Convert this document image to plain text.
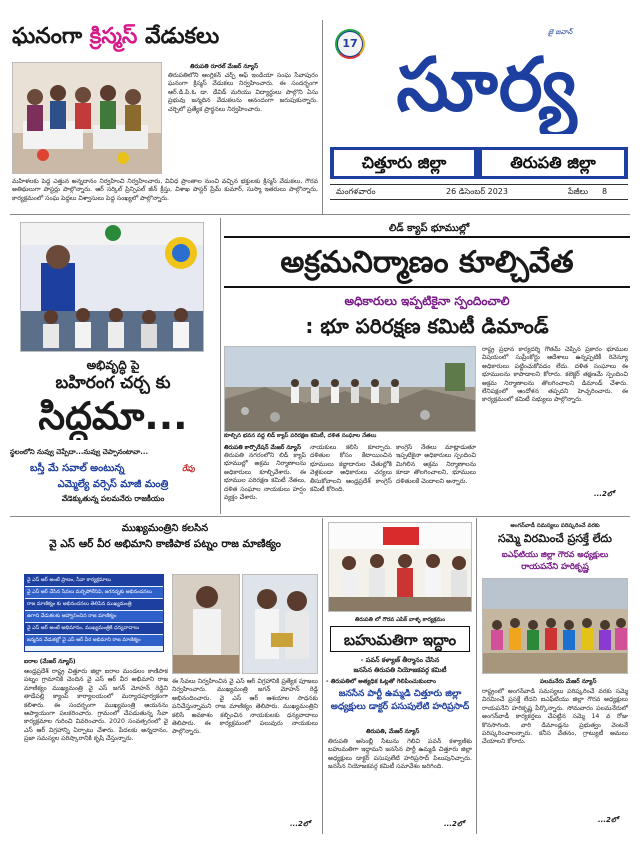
ఘనంగా క్రిస్మస్ వేడుకలు
తిరుపతి రూరల్ మేజర్ న్యూస్
తిరుపతిలోని ఆంగ్లికన్ చర్చ్ ఆఫ్ ఇండియా సంఘ సేవాపురం ఘనంగా క్రిస్మస్ వేడుకలు నిర్వహించారు. ఈ సందర్భంగా ఆర్.డి.పి.ఓ డా. డేవిడ్ మరియు విద్యార్థులు పాల్గొని ఏసు ప్రభువు జన్మదిన వేడుకలను ఆనందంగా జరుపుకున్నారు. చర్చిలో ప్రత్యేక ప్రార్థనలు నిర్వహించారు.
మహిళలకు పెద్ద ఎత్తున అన్నదానం నిర్వహించి నిర్వహించారు, వివిధ ప్రాంతాల నుంచి వచ్చిన భక్తులకు క్రిస్మస్ వేడుకలు, గౌరవ అతిథులుగా పాస్టర్లు పాల్గొన్నారు. ఆర్ సర్కిల్ ప్రిన్సిపల్ జీన్ క్రీస్తు, విశాఖ పాస్టర్ ప్రేమ్ కుమార్, సుస్మా ఇతరులు పాల్గొన్నారు, కార్యక్రమంలో సంఘ పెద్దలు విశ్వాసులు పెద్ద సంఖ్యలో పాల్గొన్నారు.
17
జై జవాన్
సూర్య
చిత్తూరు జిల్లా	తిరుపతి జిల్లా
మంగళవారం	26 డిసెంబర్ 2023	పేజీలు 8
అభివృద్ధి పై
బహిరంగ చర్చ కు
సిద్ధమా...
స్థలంలోని నువ్వు చెప్పేదా...నువ్వు చెప్పానంటావా...
బస్తీ మే సవాల్ అంటున్న	రేపు
ఎమ్మెల్యే వర్సెస్ మాజీ మంత్రి
వేడెక్కుతున్న పలమనేరు రాజకీయం
లిడ్ క్యాప్ భూముల్లో
అక్రమనిర్మాణం కూల్చివేత
అధికారులు ఇప్పటికైనా స్పందించాలి
: భూ పరిరక్షణ కమిటీ డిమాండ్
కూల్చిన భవన వద్ద లిడ్ క్యాప్ పరిరక్షణ కమిటీ, దళిత సంఘాల నేతలు
రాష్ట్ర ప్రధాన కార్యదర్శి గౌతమ్ చెప్పిన ప్రకారం భూముల విషయంలో సుప్రీంకోర్టు ఆదేశాలు ఉన్నప్పటికీ రెవెన్యూ అధికారులు పట్టించుకోవడం లేదు. దళిత సంఘాలు ఈ భూములను కాపాడాలని కోరారు. కలెక్టర్ తక్షణమే స్పందించి అక్రమ నిర్మాణాలను తొలగించాలని డిమాండ్ చేశారు. లేనిపక్షంలో ఆందోళన తప్పదని హెచ్చరించారు. ఈ కార్యక్రమంలో కమిటీ సభ్యులు పాల్గొన్నారు.
తిరుపతి కార్పొరేషన్ మేజర్ న్యూస్
తిరుపతి నగరంలోని లిడ్ క్యాప్ భూముల్లో అక్రమ నిర్మాణాలను అధికారులు కూల్చివేశారు. ఈ భూముల పరిరక్షణ కమిటీ నేతలు, దళిత సంఘాల నాయకులు హర్షం వ్యక్తం చేశారు.
నాయకులు కలిసి కూల్చారు. దళితుల కోసం కేటాయించిన భూములు కబ్జాదారుల చేతుల్లోకి వెళ్లకుండా అధికారులు చర్యలు తీసుకోవాలని ఆంధ్రప్రదేశ్ కాంగ్రెస్ కమిటీ కోరింది.
కాంగ్రెస్ నేతలు మాట్లాడుతూ ఇప్పటికైనా అధికారులు స్పందించి మిగిలిన అక్రమ నిర్మాణాలను కూడా తొలగించాలని, భూములు దళితులకే చెందాలని అన్నారు.
...2లో
ముఖ్యమంత్రిని కలసిన
వై ఎస్ ఆర్ వీర అభిమాని కాణిపాక పట్నం రాజ మాణిక్యం
వై ఎస్ ఆర్ అంటే ప్రాణం, సేవా కార్యక్రమాలు
వై ఎస్ ఆర్ చేసిన సేవలు మర్చిపోలేనివి, జగనన్నకు అభినందనలు
రాజ మాణిక్యం కు అభినందనలు తెలిపిన ముఖ్యమంత్రి
ఉగాది వేడుకలకు ఆహ్వానించిన రాజ మాణిక్యం
వై ఎస్ ఆర్ అంటే అభిమానం, ముఖ్యమంత్రికి ధన్యవాదాలు
జన్మదిన వేడుకల్లో వై ఎస్ ఆర్ వీర అభిమాని రాజ మాణిక్యం
ఐరాల (మేజర్ న్యూస్)
ఆంధ్రప్రదేశ్ రాష్ట్ర చిత్తూరు జిల్లా ఐరాల మండలం కాణిపాక పట్నం గ్రామానికి చెందిన వై ఎస్ ఆర్ వీర అభిమాని రాజ మాణిక్యం ముఖ్యమంత్రి వై ఎస్ జగన్ మోహన్ రెడ్డిని తాడేపల్లి క్యాంప్ కార్యాలయంలో మర్యాదపూర్వకంగా కలిశారు. ఈ సందర్భంగా ముఖ్యమంత్రి ఆయనను ఆప్యాయంగా పలకరించారు. గ్రామంలో చేపడుతున్న సేవా కార్యక్రమాల గురించి వివరించారు. 2020 సంవత్సరంలో వై ఎస్ ఆర్ విగ్రహాన్ని ఏర్పాటు చేశారు. పేదలకు అన్నదానం, ప్రజా సమస్యల పరిష్కారానికి కృషి చేస్తున్నారు.
ఈ సేవలు నిర్వహించిన వై ఎస్ ఆర్ విగ్రహానికి ప్రత్యేక పూజలు నిర్వహించారు. ముఖ్యమంత్రి జగన్ మోహన్ రెడ్డి అభినందించారు. వై ఎస్ ఆర్ ఆశయాల సాధనకు పనిచేస్తున్నామని రాజ మాణిక్యం తెలిపారు. ముఖ్యమంత్రిని కలిసే అవకాశం కల్పించిన నాయకులకు ధన్యవాదాలు తెలిపారు. ఈ కార్యక్రమంలో పలువురు నాయకులు పాల్గొన్నారు.
...2లో
తిరుపతి లో గౌరవ ఎపిక్ వాళ్ళ కార్యక్రమం
బహుమతిగా ఇద్దాం
- పవన్ కళ్యాణ్ తీర్మానం చేసిన
జనసేన తిరుపతి నియోజకవర్గ కమిటీ
- తిరుపతిలో అత్యధిక ఓట్లతో గెలిపించుకుందాం
జనసేన పార్టీ ఉమ్మడి చిత్తూరు జిల్లా అధ్యక్షులు డాక్టర్ పసుపులేటి హరిప్రసాద్
తిరుపతి, మేజర్ న్యూస్
తిరుపతి అసెంబ్లీ సీటును గెలిచి పవన్ కళ్యాణ్‌కు బహుమతిగా ఇద్దామని జనసేన పార్టీ ఉమ్మడి చిత్తూరు జిల్లా అధ్యక్షులు డాక్టర్ పసుపులేటి హరిప్రసాద్ పిలుపునిచ్చారు. జనసేన నియోజకవర్గ కమిటీ సమావేశం జరిగింది.
...2లో
అంగన్‌వాడీ సమస్యలు పరిష్కరించే వరకు
సమ్మె విరమించే ప్రసక్తే లేదు
ఐఎఫ్‌టియు జిల్లా గౌరవ అధ్యక్షులు
రాయపనేని హరికృష్ణ
పలమనేరు మేజర్ న్యూస్
రాష్ట్రంలో అంగన్‌వాడీ సమస్యలు పరిష్కరించే వరకు సమ్మె విరమించే ప్రసక్తే లేదని ఐఎఫ్‌టియు జిల్లా గౌరవ అధ్యక్షులు రాయపనేని హరికృష్ణ పేర్కొన్నారు. సోమవారం పలమనేరులో అంగన్‌వాడీ కార్యకర్తలు చేపట్టిన సమ్మె 14 వ రోజు కొనసాగింది. వారి డిమాండ్లను ప్రభుత్వం వెంటనే పరిష్కరించాలన్నారు. కనీస వేతనం, గ్రాట్యుటీ అమలు చేయాలని కోరారు.
...2లో
